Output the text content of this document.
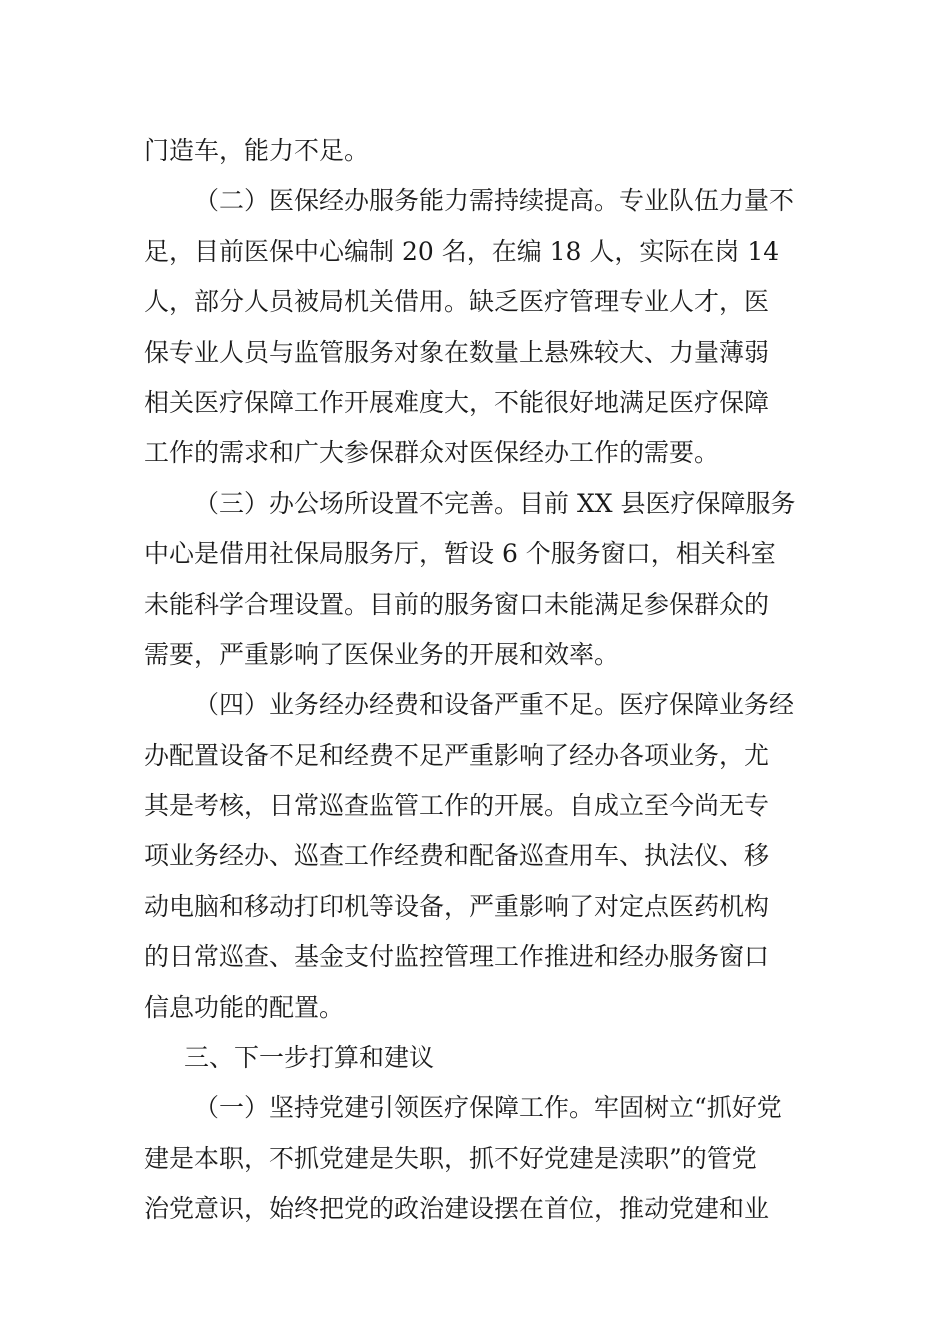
门造车，能力不足。
（二）医保经办服务能力需持续提高。专业队伍力量不
足，目前医保中心编制 20 名，在编 18 人，实际在岗 14
人，部分人员被局机关借用。缺乏医疗管理专业人才，医
保专业人员与监管服务对象在数量上悬殊较大、力量薄弱
相关医疗保障工作开展难度大，不能很好地满足医疗保障
工作的需求和广大参保群众对医保经办工作的需要。
（三）办公场所设置不完善。目前 XX 县医疗保障服务
中心是借用社保局服务厅，暂设 6 个服务窗口，相关科室
未能科学合理设置。目前的服务窗口未能满足参保群众的
需要，严重影响了医保业务的开展和效率。
（四）业务经办经费和设备严重不足。医疗保障业务经
办配置设备不足和经费不足严重影响了经办各项业务，尤
其是考核，日常巡查监管工作的开展。自成立至今尚无专
项业务经办、巡查工作经费和配备巡查用车、执法仪、移
动电脑和移动打印机等设备，严重影响了对定点医药机构
的日常巡查、基金支付监控管理工作推进和经办服务窗口
信息功能的配置。
三、下一步打算和建议
（一）坚持党建引领医疗保障工作。牢固树立“抓好党
建是本职，不抓党建是失职，抓不好党建是渎职”的管党
治党意识，始终把党的政治建设摆在首位，推动党建和业
